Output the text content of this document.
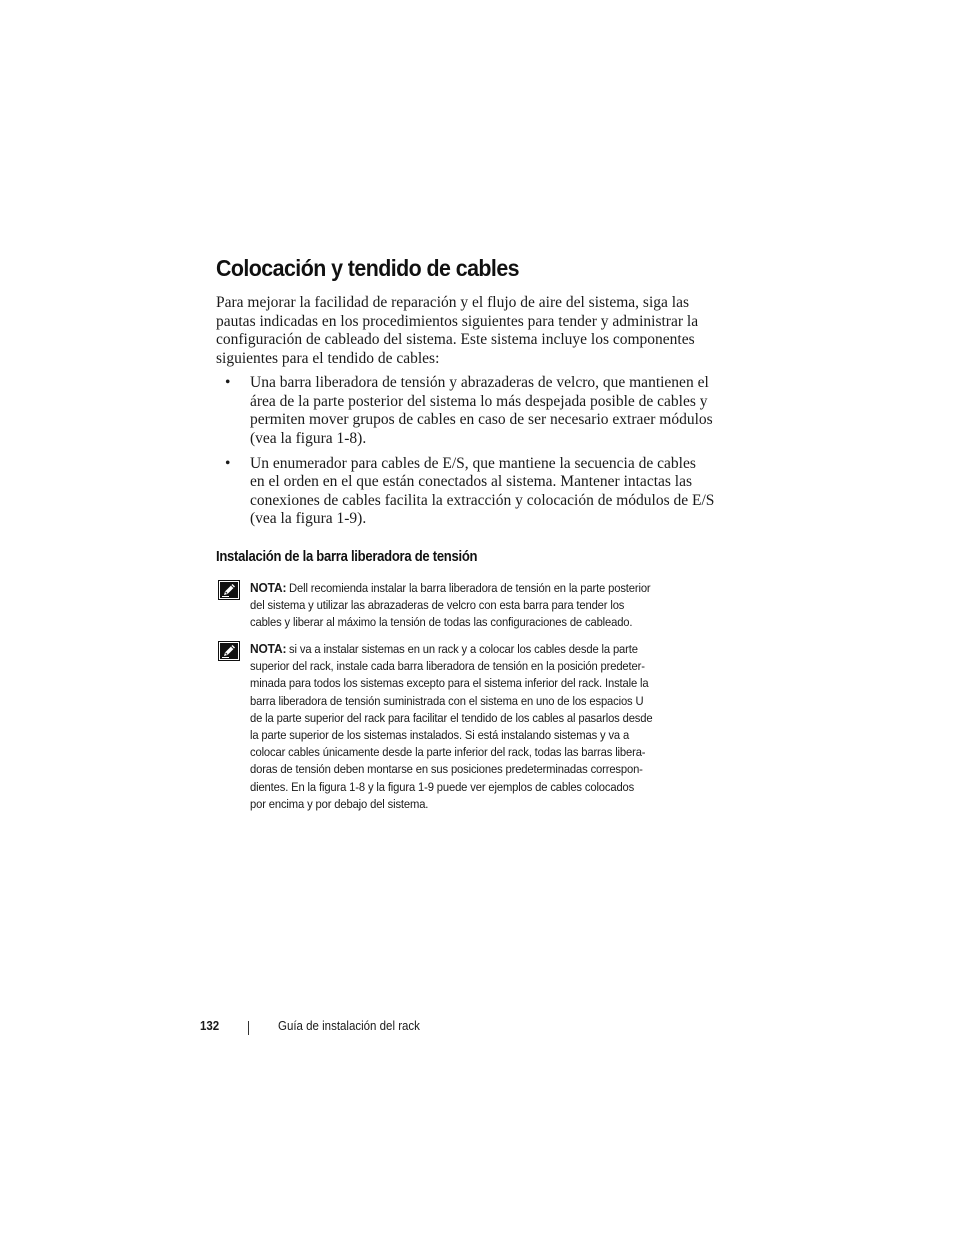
Colocación y tendido de cables

Para mejorar la facilidad de reparación y el flujo de aire del sistema, siga las
pautas indicadas en los procedimientos siguientes para tender y administrar la
configuración de cableado del sistema. Este sistema incluye los componentes
siguientes para el tendido de cables:

• Una barra liberadora de tensión y abrazaderas de velcro, que mantienen el
área de la parte posterior del sistema lo más despejada posible de cables y
permiten mover grupos de cables en caso de ser necesario extraer módulos
(vea la figura 1-8).
• Un enumerador para cables de E/S, que mantiene la secuencia de cables
en el orden en el que están conectados al sistema. Mantener intactas las
conexiones de cables facilita la extracción y colocación de módulos de E/S
(vea la figura 1-9).
Instalación de la barra liberadora de tensión
NOTA: Dell recomienda instalar la barra liberadora de tensión en la parte posterior
del sistema y utilizar las abrazaderas de velcro con esta barra para tender los
cables y liberar al máximo la tensión de todas las configuraciones de cableado.
NOTA: si va a instalar sistemas en un rack y a colocar los cables desde la parte
superior del rack, instale cada barra liberadora de tensión en la posición predeter-
minada para todos los sistemas excepto para el sistema inferior del rack. Instale la
barra liberadora de tensión suministrada con el sistema en uno de los espacios U
de la parte superior del rack para facilitar el tendido de los cables al pasarlos desde
la parte superior de los sistemas instalados. Si está instalando sistemas y va a
colocar cables únicamente desde la parte inferior del rack, todas las barras libera-
doras de tensión deben montarse en sus posiciones predeterminadas correspon-
dientes. En la figura 1-8 y la figura 1-9 puede ver ejemplos de cables colocados
por encima y por debajo del sistema.
132	Guía de instalación del rack
